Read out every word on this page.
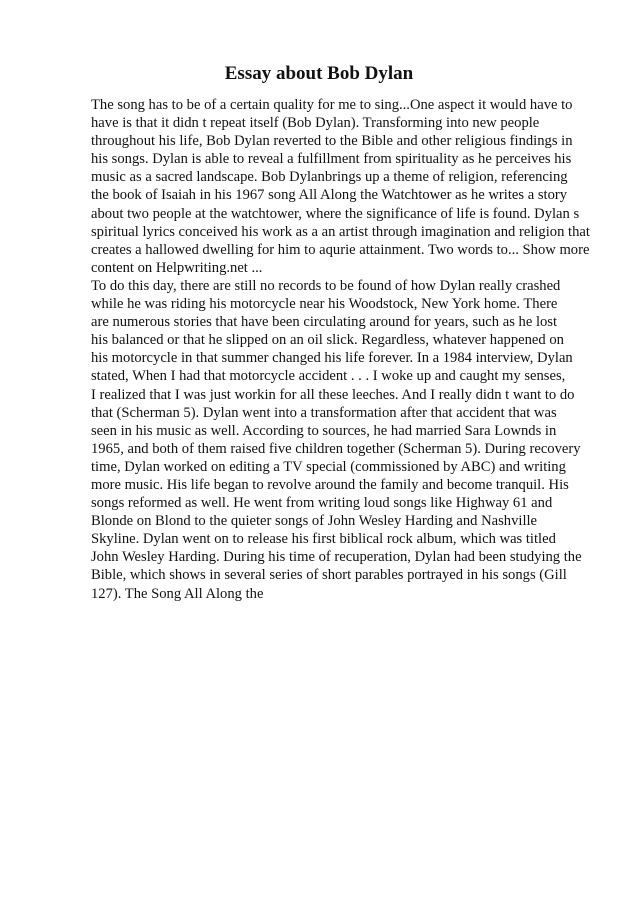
Essay about Bob Dylan
The song has to be of a certain quality for me to sing...One aspect it would have to
have is that it didn t repeat itself (Bob Dylan). Transforming into new people
throughout his life, Bob Dylan reverted to the Bible and other religious findings in
his songs. Dylan is able to reveal a fulfillment from spirituality as he perceives his
music as a sacred landscape. Bob Dylanbrings up a theme of religion, referencing
the book of Isaiah in his 1967 song All Along the Watchtower as he writes a story
about two people at the watchtower, where the significance of life is found. Dylan s
spiritual lyrics conceived his work as a an artist through imagination and religion that
creates a hallowed dwelling for him to aqurie attainment. Two words to... Show more
content on Helpwriting.net ...
To do this day, there are still no records to be found of how Dylan really crashed
while he was riding his motorcycle near his Woodstock, New York home. There
are numerous stories that have been circulating around for years, such as he lost
his balanced or that he slipped on an oil slick. Regardless, whatever happened on
his motorcycle in that summer changed his life forever. In a 1984 interview, Dylan
stated, When I had that motorcycle accident . . . I woke up and caught my senses,
I realized that I was just workin for all these leeches. And I really didn t want to do
that (Scherman 5). Dylan went into a transformation after that accident that was
seen in his music as well. According to sources, he had married Sara Lownds in
1965, and both of them raised five children together (Scherman 5). During recovery
time, Dylan worked on editing a TV special (commissioned by ABC) and writing
more music. His life began to revolve around the family and become tranquil. His
songs reformed as well. He went from writing loud songs like Highway 61 and
Blonde on Blond to the quieter songs of John Wesley Harding and Nashville
Skyline. Dylan went on to release his first biblical rock album, which was titled
John Wesley Harding. During his time of recuperation, Dylan had been studying the
Bible, which shows in several series of short parables portrayed in his songs (Gill
127). The Song All Along the
